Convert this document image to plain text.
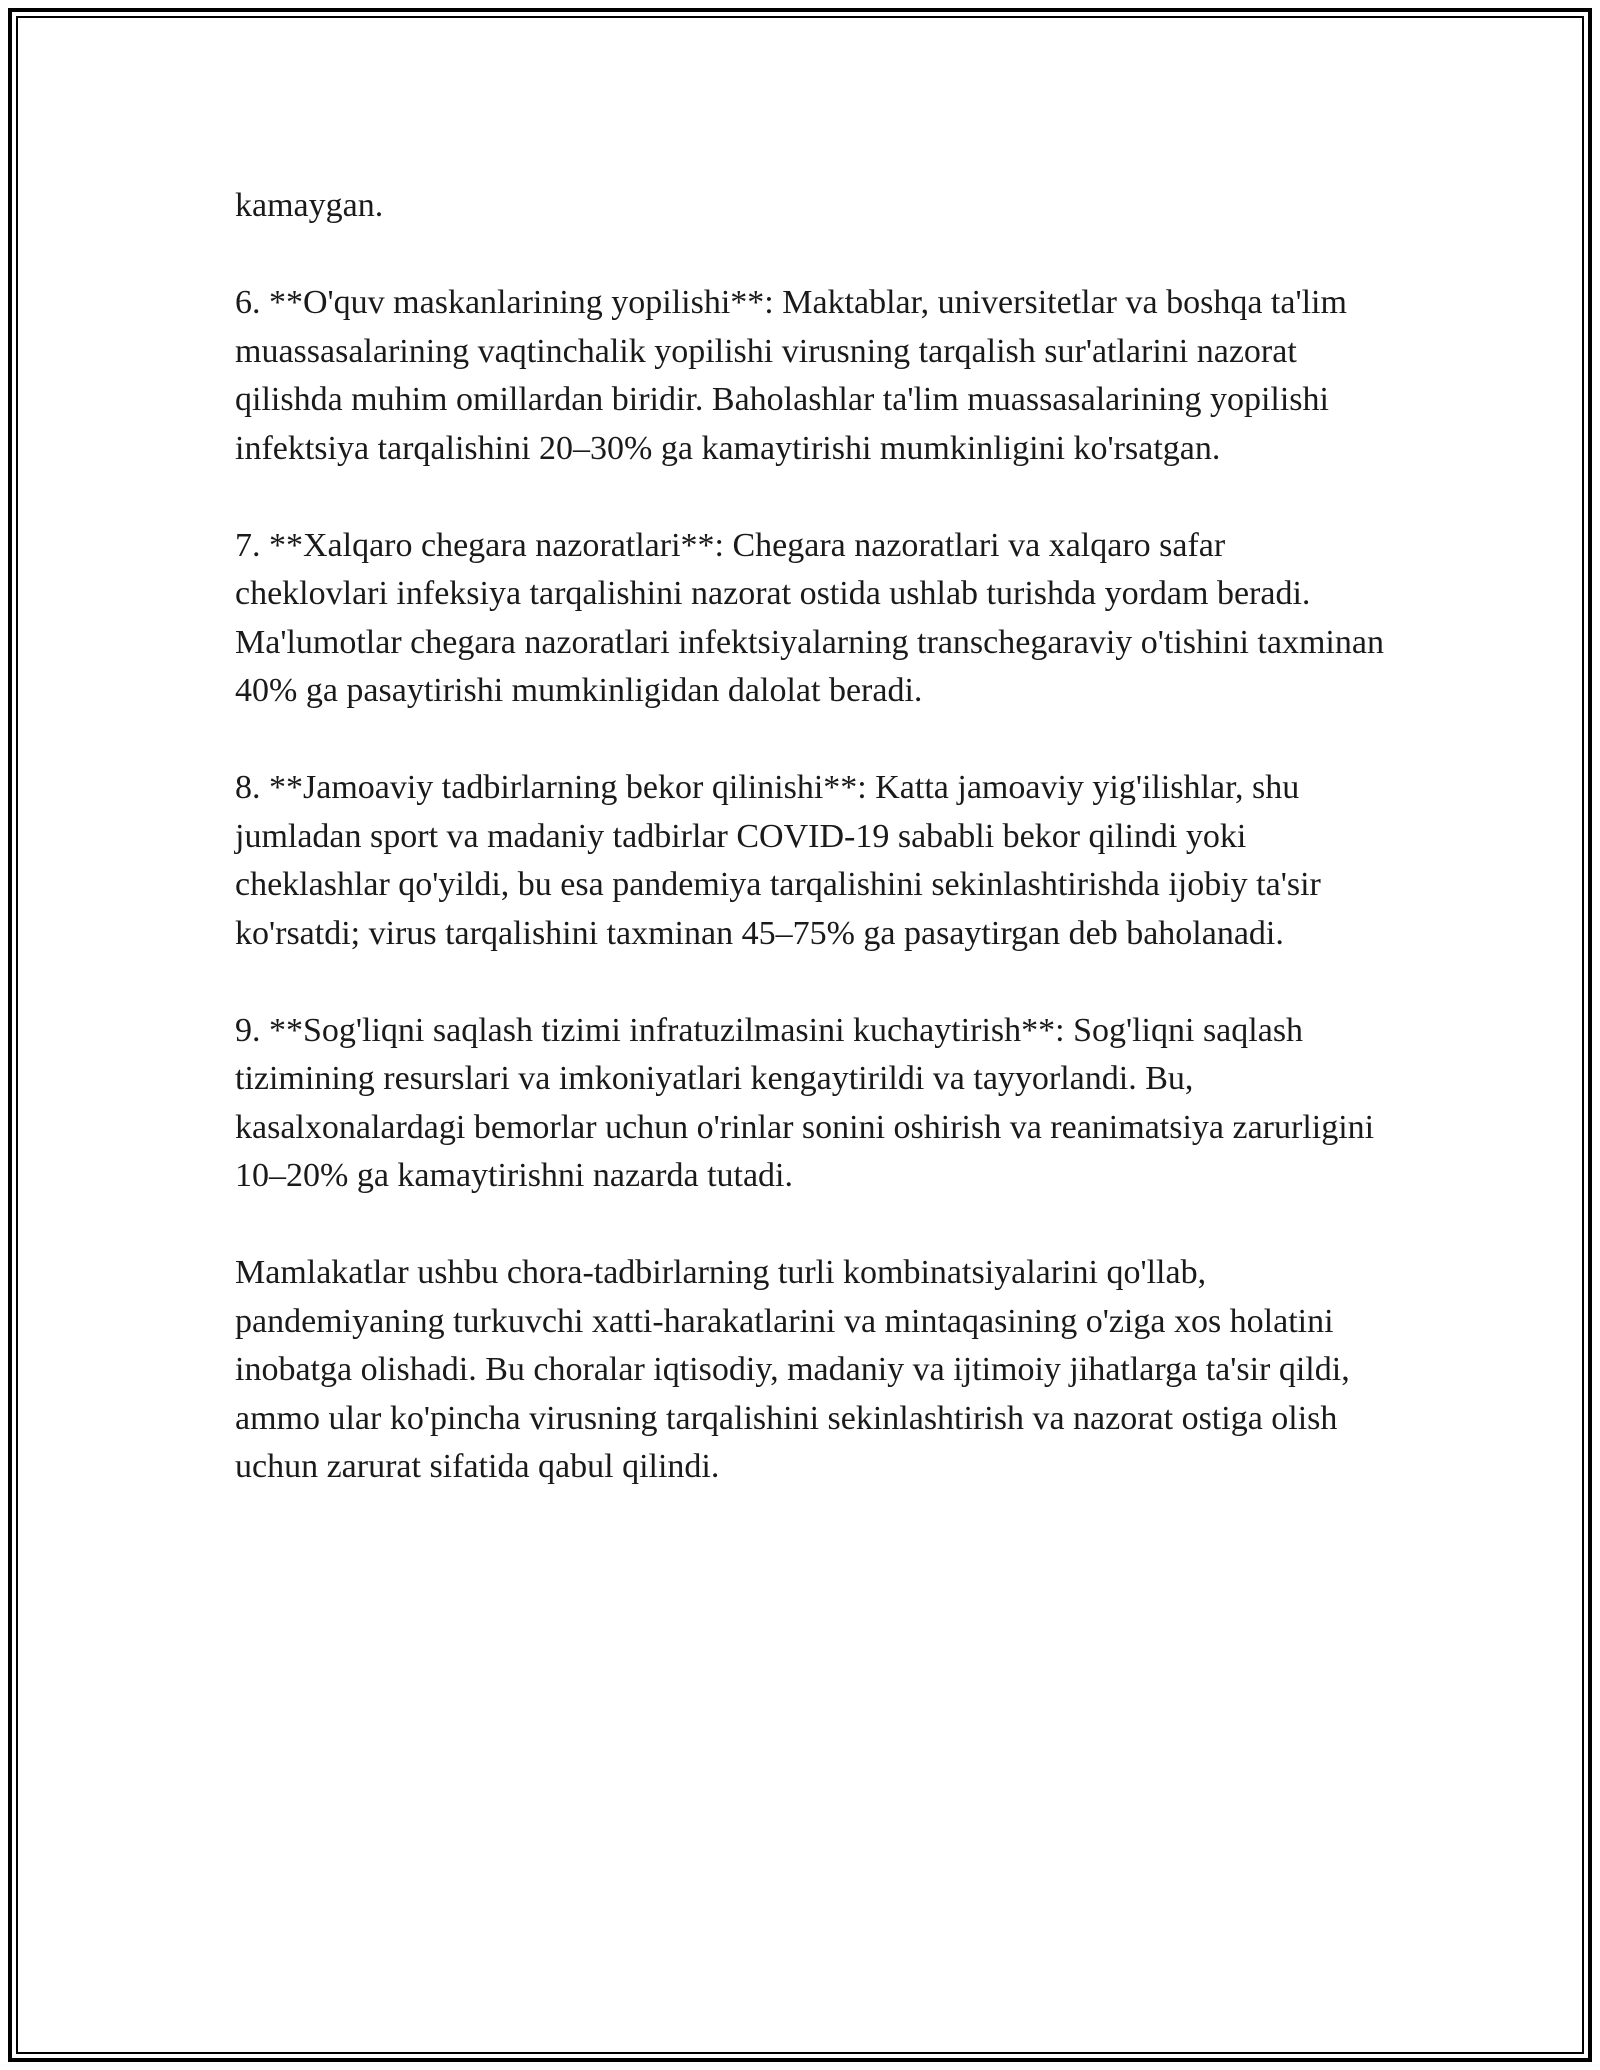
kamaygan.

6. **O'quv maskanlarining yopilishi**: Maktablar, universitetlar va boshqa ta'lim muassasalarining vaqtinchalik yopilishi virusning tarqalish sur'atlarini nazorat qilishda muhim omillardan biridir. Baholashlar ta'lim muassasalarining yopilishi infektsiya tarqalishini 20–30% ga kamaytirishi mumkinligini ko'rsatgan.

7. **Xalqaro chegara nazoratlari**: Chegara nazoratlari va xalqaro safar cheklovlari infeksiya tarqalishini nazorat ostida ushlab turishda yordam beradi. Ma'lumotlar chegara nazoratlari infektsiyalarning transchegaraviy o'tishini taxminan 40% ga pasaytirishi mumkinligidan dalolat beradi.

8. **Jamoaviy tadbirlarning bekor qilinishi**: Katta jamoaviy yig'ilishlar, shu jumladan sport va madaniy tadbirlar COVID-19 sababli bekor qilindi yoki cheklashlar qo'yildi, bu esa pandemiya tarqalishini sekinlashtirishda ijobiy ta'sir ko'rsatdi; virus tarqalishini taxminan 45–75% ga pasaytirgan deb baholanadi.

9. **Sog'liqni saqlash tizimi infratuzilmasini kuchaytirish**: Sog'liqni saqlash tizimining resurslari va imkoniyatlari kengaytirildi va tayyorlandi. Bu, kasalxonalardagi bemorlar uchun o'rinlar sonini oshirish va reanimatsiya zarurligini 10–20% ga kamaytirishni nazarda tutadi.

Mamlakatlar ushbu chora-tadbirlarning turli kombinatsiyalarini qo'llab, pandemiyaning turkuvchi xatti-harakatlarini va mintaqasining o'ziga xos holatini inobatga olishadi. Bu choralar iqtisodiy, madaniy va ijtimoiy jihatlarga ta'sir qildi, ammo ular ko'pincha virusning tarqalishini sekinlashtirish va nazorat ostiga olish uchun zarurat sifatida qabul qilindi.
